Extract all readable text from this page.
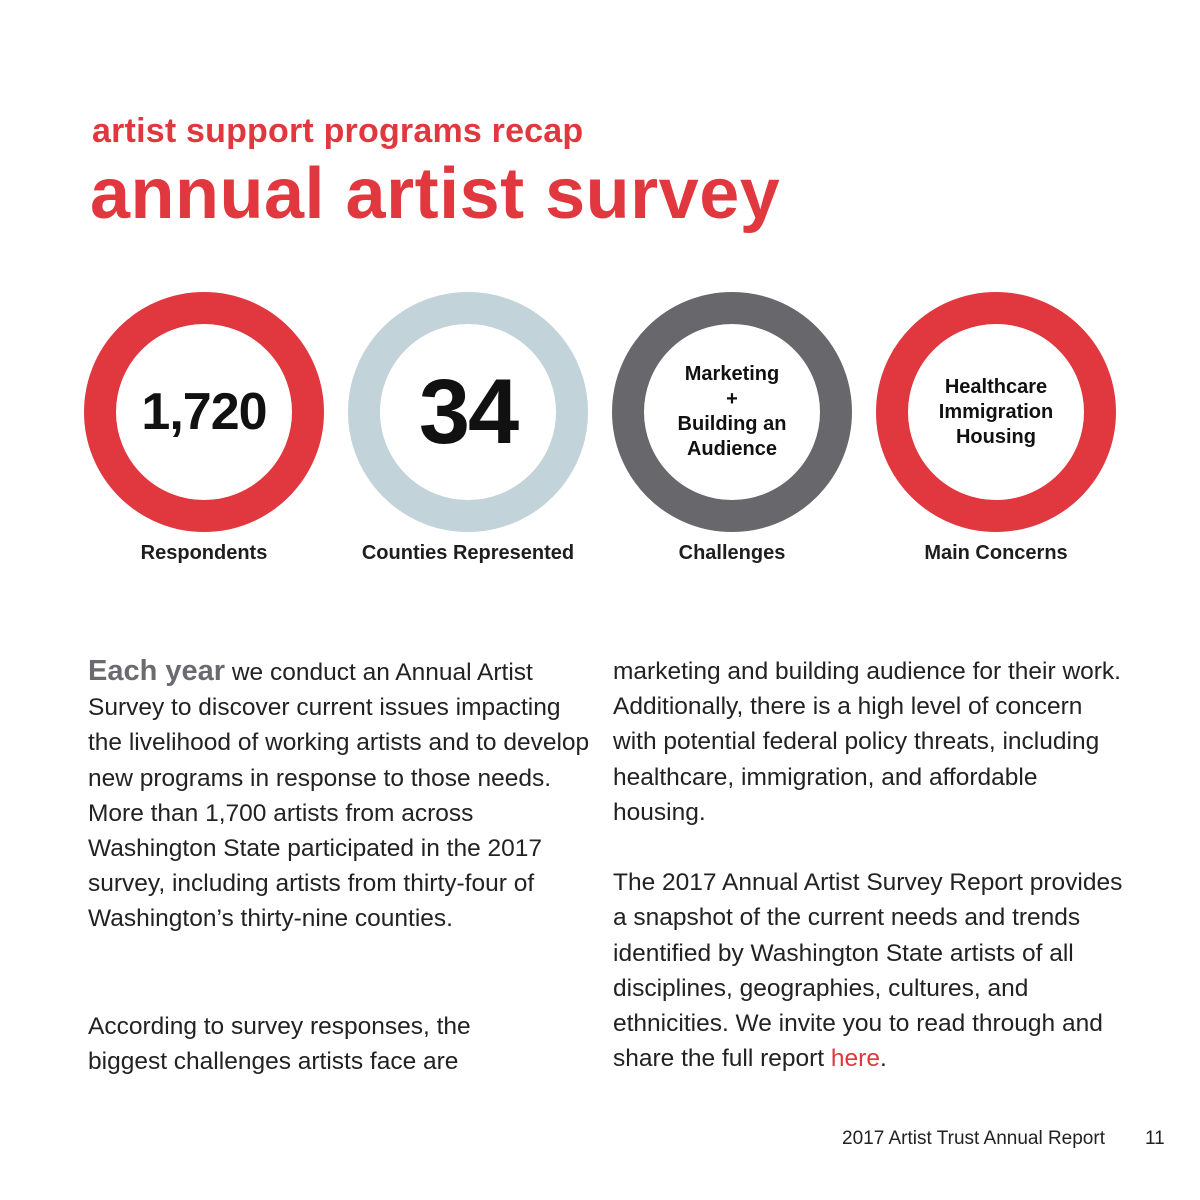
artist support programs recap
annual artist survey
1,720
Respondents
34
Counties Represented
Marketing
+
Building an
Audience
Challenges
Healthcare
Immigration
Housing
Main Concerns

Each year we conduct an Annual Artist Survey to discover current issues impacting the livelihood of working artists and to develop new programs in response to those needs. More than 1,700 artists from across Washington State participated in the 2017 survey, including artists from thirty-four of Washington’s thirty-nine counties.

According to survey responses, the biggest challenges artists face are

marketing and building audience for their work. Additionally, there is a high level of concern with potential federal policy threats, including healthcare, immigration, and affordable housing.

The 2017 Annual Artist Survey Report provides a snapshot of the current needs and trends identified by Washington State artists of all disciplines, geographies, cultures, and ethnicities. We invite you to read through and share the full report here.

2017 Artist Trust Annual Report 11
